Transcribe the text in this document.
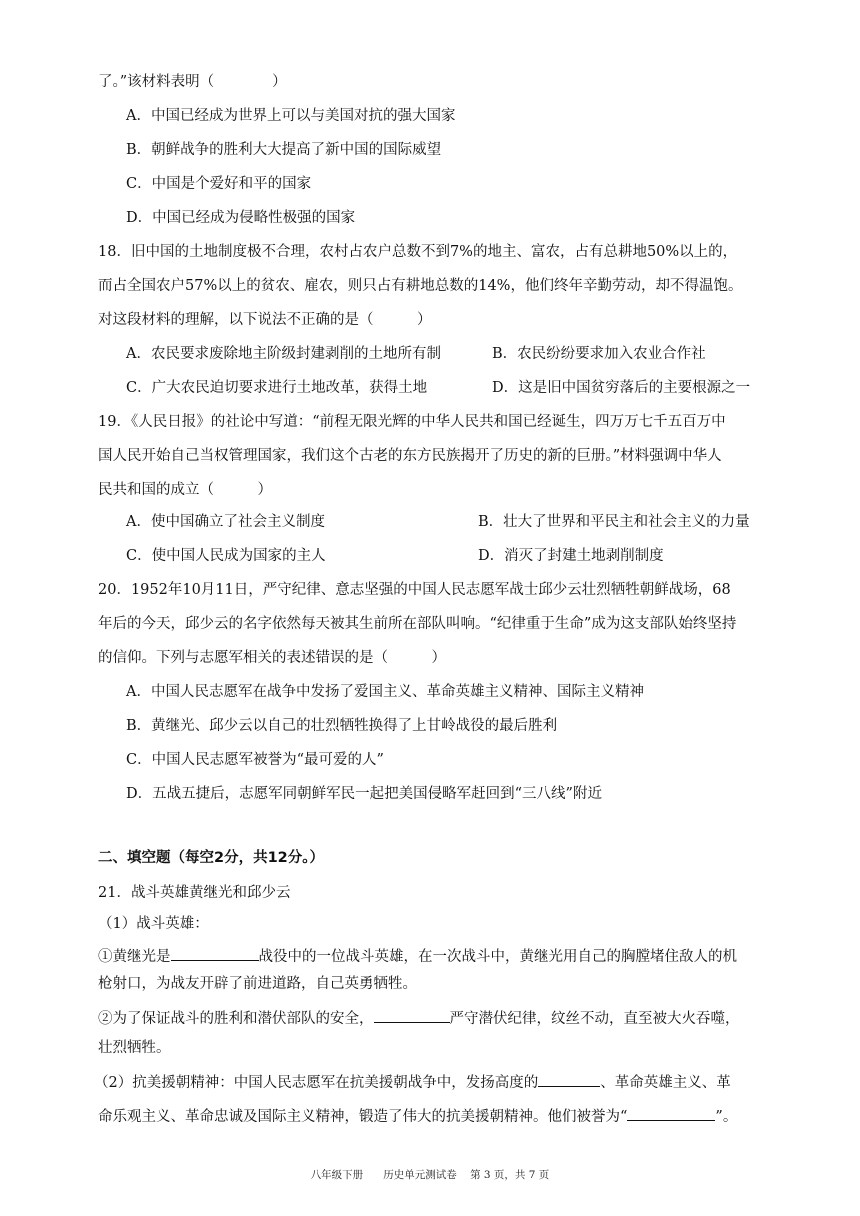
了。”该材料表明（　　　　）
A．中国已经成为世界上可以与美国对抗的强大国家
B．朝鲜战争的胜利大大提高了新中国的国际威望
C．中国是个爱好和平的国家
D．中国已经成为侵略性极强的国家
18．旧中国的土地制度极不合理，农村占农户总数不到7%的地主、富农，占有总耕地50%以上的，
而占全国农户57%以上的贫农、雇农，则只占有耕地总数的14%，他们终年辛勤劳动，却不得温饱。
对这段材料的理解，以下说法不正确的是（　　　）
A．农民要求废除地主阶级封建剥削的土地所有制	B．农民纷纷要求加入农业合作社
C．广大农民迫切要求进行土地改革，获得土地	D．这是旧中国贫穷落后的主要根源之一
19．《人民日报》的社论中写道：“前程无限光辉的中华人民共和国已经诞生，四万万七千五百万中
国人民开始自己当权管理国家，我们这个古老的东方民族揭开了历史的新的巨册。”材料强调中华人
民共和国的成立（　　　）
A．使中国确立了社会主义制度	B．壮大了世界和平民主和社会主义的力量
C．使中国人民成为国家的主人	D．消灭了封建土地剥削制度
20．1952年10月11日，严守纪律、意志坚强的中国人民志愿军战士邱少云壮烈牺牲朝鲜战场，68
年后的今天，邱少云的名字依然每天被其生前所在部队叫响。“纪律重于生命”成为这支部队始终坚持
的信仰。下列与志愿军相关的表述错误的是（　　　）
A．中国人民志愿军在战争中发扬了爱国主义、革命英雄主义精神、国际主义精神
B．黄继光、邱少云以自己的壮烈牺牲换得了上甘岭战役的最后胜利
C．中国人民志愿军被誉为“最可爱的人”
D．五战五捷后，志愿军同朝鲜军民一起把美国侵略军赶回到“三八线”附近
二、填空题（每空2分，共12分。）
21．战斗英雄黄继光和邱少云
（1）战斗英雄：
①黄继光是	战役中的一位战斗英雄，在一次战斗中，黄继光用自己的胸膛堵住敌人的机
枪射口，为战友开辟了前进道路，自己英勇牺牲。
②为了保证战斗的胜利和潜伏部队的安全，	严守潜伏纪律，纹丝不动，直至被大火吞噬，
壮烈牺牲。
（2）抗美援朝精神：中国人民志愿军在抗美援朝战争中，发扬高度的	、革命英雄主义、革
命乐观主义、革命忠诚及国际主义精神，锻造了伟大的抗美援朝精神。他们被誉为“	”。
八年级下册 历史单元测试卷 第 3 页，共 7 页
